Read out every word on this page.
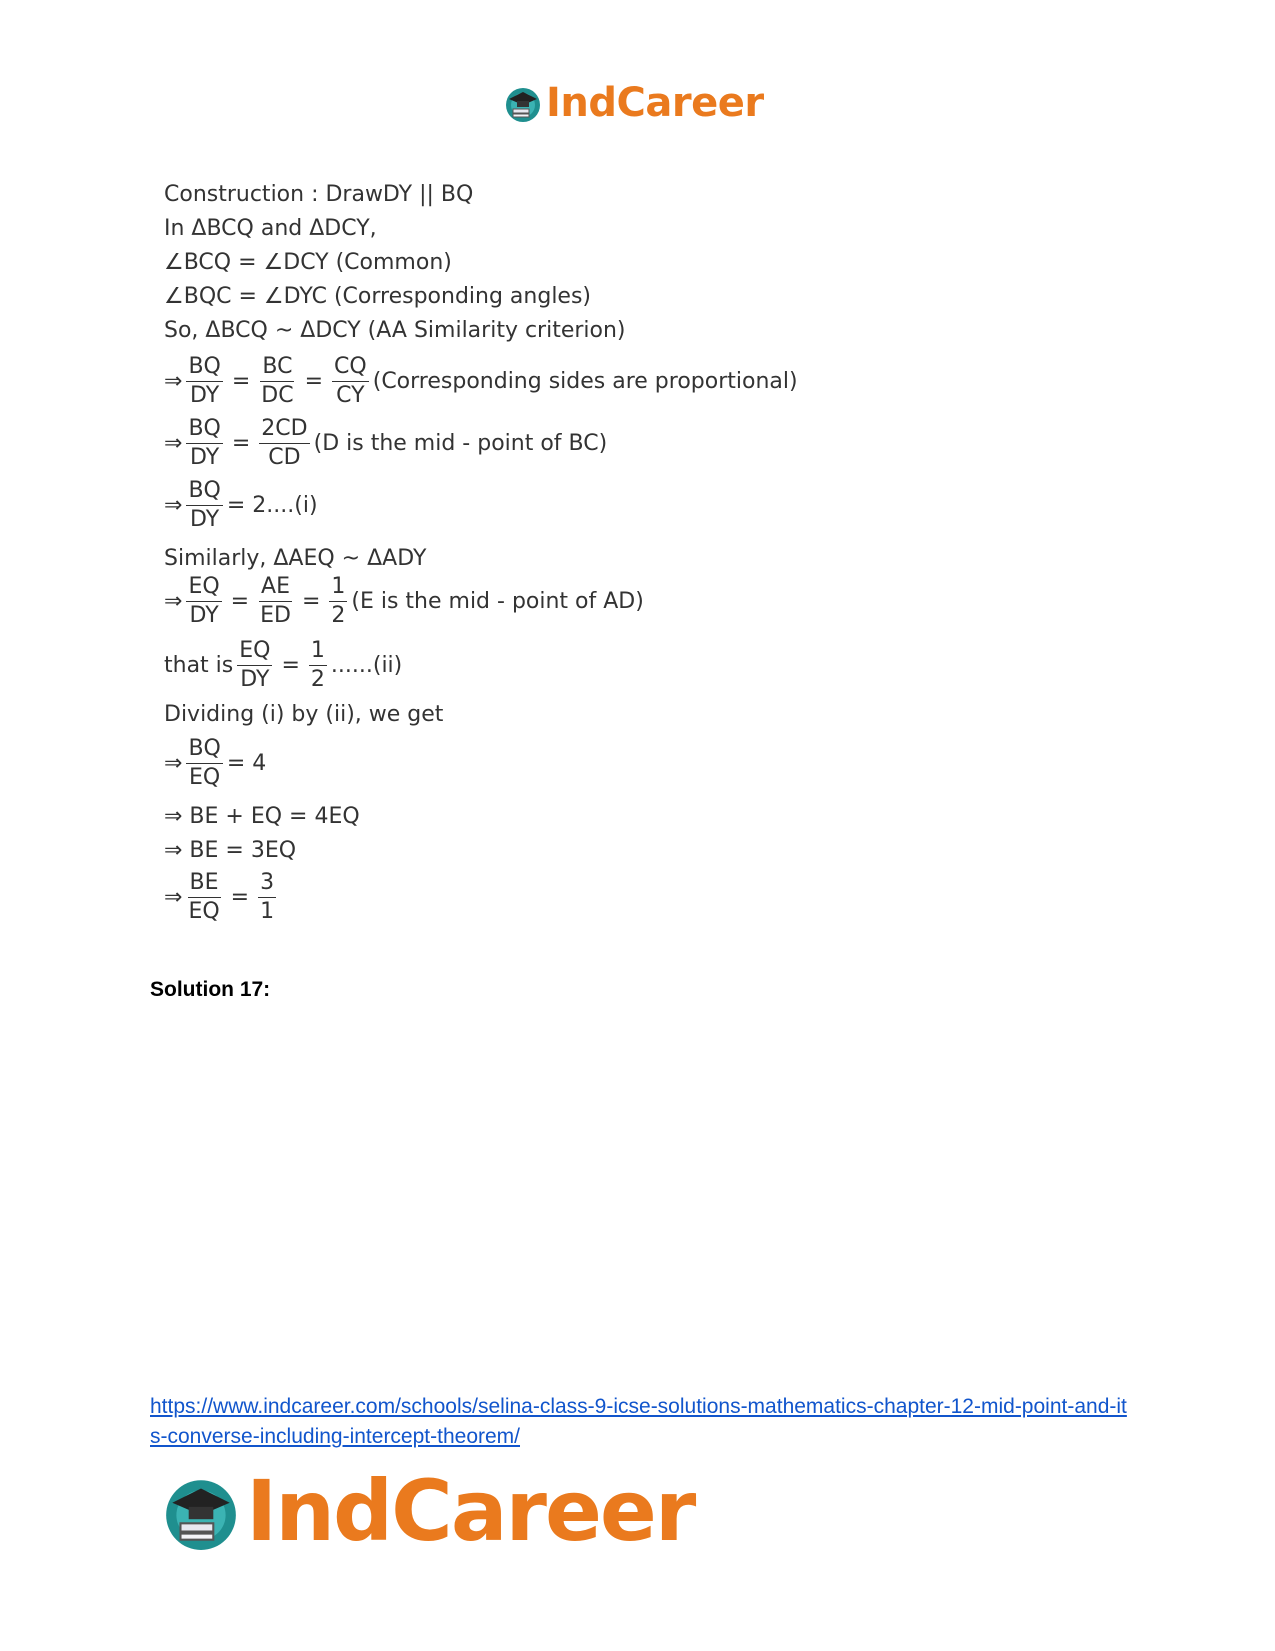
IndCareer
Construction : DrawDY || BQ
In ΔBCQ and ΔDCY,
∠BCQ = ∠DCY (Common)
∠BQC = ∠DYC (Corresponding angles)
So, ΔBCQ ~ ΔDCY (AA Similarity criterion)
⇒ $\frac{BQ}{DY} = \frac{BC}{DC} = \frac{CQ}{CY}$ (Corresponding sides are proportional)
⇒ $\frac{BQ}{DY} = \frac{2CD}{CD} (D$ is the mid - point of BC)
⇒ $\frac{BQ}{DY} = 2....(i)$
Similarly, ΔAEQ ~ ΔADY
⇒ $\frac{EQ}{DY} = \frac{AE}{ED} = \frac{1}{2} (E$ is the mid - point of AD)
that is $\frac{EQ}{DY} = \frac{1}{2} ......(ii)$
Dividing (i) by (ii), we get
⇒ $\frac{BQ}{EQ} = 4$
⇒ BE + EQ = 4EQ
⇒ BE = 3EQ
⇒ $\frac{BE}{EQ} = \frac{3}{1}$
Solution 17:
https://www.indcareer.com/schools/selina-class-9-icse-solutions-mathematics-chapter-12-mid-point-and-its-converse-including-intercept-theorem/
IndCareer
